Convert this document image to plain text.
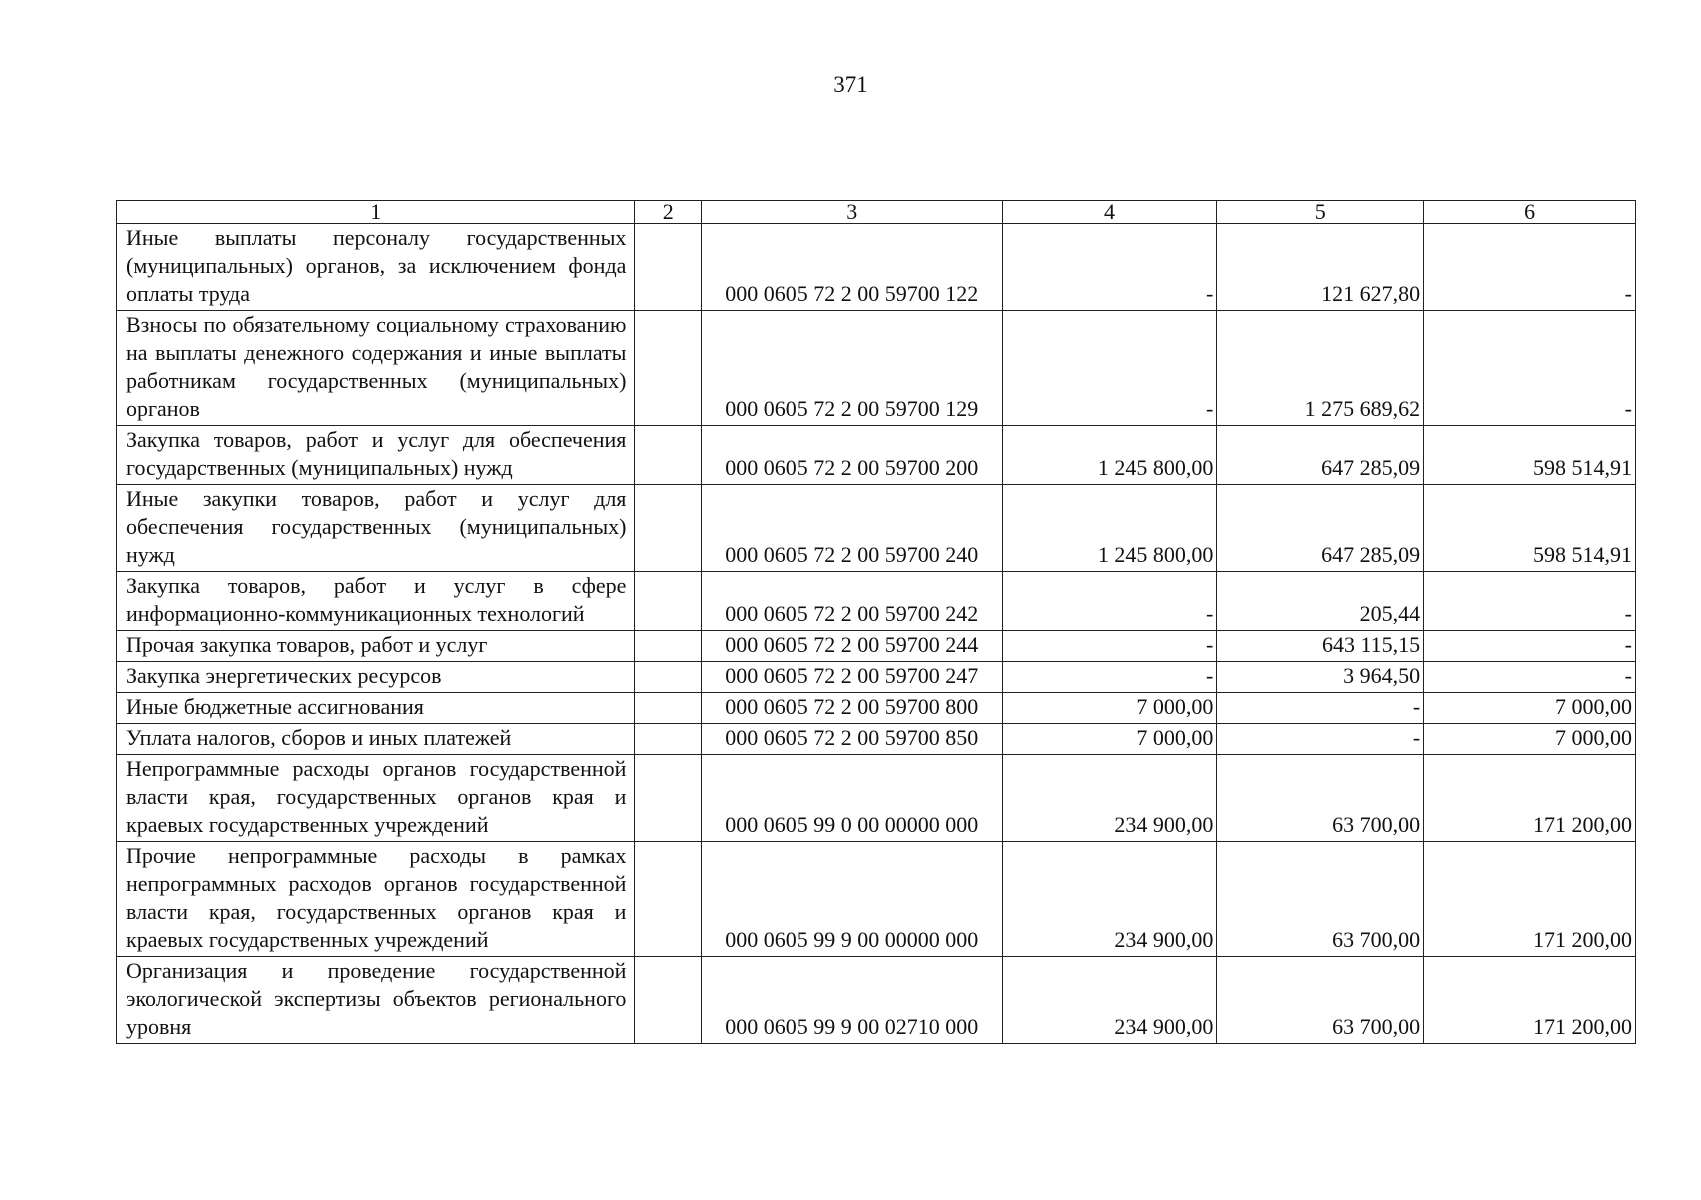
371
1	2	3	4	5	6
Иные выплаты персоналу государственных (муниципальных) органов, за исключением фонда оплаты труда		000 0605 72 2 00 59700 122	-	121 627,80	-
Взносы по обязательному социальному страхованию на выплаты денежного содержания и иные выплаты работникам государственных (муниципальных) органов		000 0605 72 2 00 59700 129	-	1 275 689,62	-
Закупка товаров, работ и услуг для обеспечения государственных (муниципальных) нужд		000 0605 72 2 00 59700 200	1 245 800,00	647 285,09	598 514,91
Иные закупки товаров, работ и услуг для обеспечения государственных (муниципальных) нужд		000 0605 72 2 00 59700 240	1 245 800,00	647 285,09	598 514,91
Закупка товаров, работ и услуг в сфере информационно-коммуникационных технологий		000 0605 72 2 00 59700 242	-	205,44	-
Прочая закупка товаров, работ и услуг		000 0605 72 2 00 59700 244	-	643 115,15	-
Закупка энергетических ресурсов		000 0605 72 2 00 59700 247	-	3 964,50	-
Иные бюджетные ассигнования		000 0605 72 2 00 59700 800	7 000,00	-	7 000,00
Уплата налогов, сборов и иных платежей		000 0605 72 2 00 59700 850	7 000,00	-	7 000,00
Непрограммные расходы органов государственной власти края, государственных органов края и краевых государственных учреждений		000 0605 99 0 00 00000 000	234 900,00	63 700,00	171 200,00
Прочие непрограммные расходы в рамках непрограммных расходов органов государственной власти края, государственных органов края и краевых государственных учреждений		000 0605 99 9 00 00000 000	234 900,00	63 700,00	171 200,00
Организация и проведение государственной экологической экспертизы объектов регионального уровня		000 0605 99 9 00 02710 000	234 900,00	63 700,00	171 200,00
